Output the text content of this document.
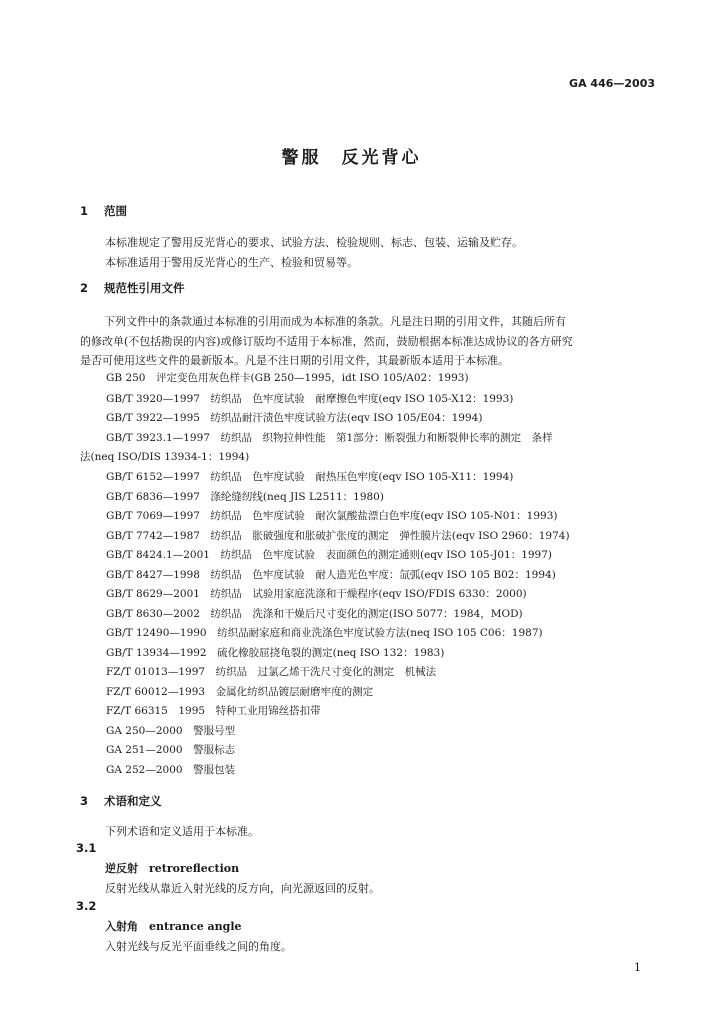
GA 446—2003
警服　反光背心
1 范围
本标准规定了警用反光背心的要求、试验方法、检验规则、标志、包装、运输及贮存。
本标准适用于警用反光背心的生产、检验和贸易等。
2 规范性引用文件
下列文件中的条款通过本标准的引用而成为本标准的条款。凡是注日期的引用文件，其随后所有
的修改单(不包括勘误的内容)或修订版均不适用于本标准，然而，鼓励根据本标准达成协议的各方研究
是否可使用这些文件的最新版本。凡是不注日期的引用文件，其最新版本适用于本标准。
GB 250　评定变色用灰色样卡(GB 250—1995，idt ISO 105/A02：1993)
GB/T 3920—1997　纺织品　色牢度试验　耐摩擦色牢度(eqv ISO 105-X12：1993)
GB/T 3922—1995　纺织品耐汗渍色牢度试验方法(eqv ISO 105/E04：1994)
GB/T 3923.1—1997　纺织品　织物拉伸性能　第1部分：断裂强力和断裂伸长率的测定　条样
法(neq ISO/DIS 13934-1：1994)
GB/T 6152—1997　纺织品　色牢度试验　耐热压色牢度(eqv ISO 105-X11：1994)
GB/T 6836—1997　涤纶缝纫线(neq JIS L2511：1980)
GB/T 7069—1997　纺织品　色牢度试验　耐次氯酸盐漂白色牢度(eqv ISO 105-N01：1993)
GB/T 7742—1987　纺织品　胀破强度和胀破扩张度的测定　弹性膜片法(eqv ISO 2960：1974)
GB/T 8424.1—2001　纺织品　色牢度试验　表面颜色的测定通则(eqv ISO 105-J01：1997)
GB/T 8427—1998　纺织品　色牢度试验　耐人造光色牢度：氙弧(eqv ISO 105 B02：1994)
GB/T 8629—2001　纺织品　试验用家庭洗涤和干燥程序(eqv ISO/FDIS 6330：2000)
GB/T 8630—2002　纺织品　洗涤和干燥后尺寸变化的测定(ISO 5077：1984，MOD)
GB/T 12490—1990　纺织品耐家庭和商业洗涤色牢度试验方法(neq ISO 105 C06：1987)
GB/T 13934—1992　硫化橡胶屈挠龟裂的测定(neq ISO 132：1983)
FZ/T 01013—1997　纺织品　过氯乙烯干洗尺寸变化的测定　机械法
FZ/T 60012—1993　金属化纺织品镀层耐磨牢度的测定
FZ/T 66315　1995　特种工业用锦丝搭扣带
GA 250—2000　警服号型
GA 251—2000　警服标志
GA 252—2000　警服包装
3 术语和定义
下列术语和定义适用于本标准。
3.1
逆反射　retroreflection
反射光线从靠近入射光线的反方向，向光源返回的反射。
3.2
入射角　entrance angle
入射光线与反光平面垂线之间的角度。
1
